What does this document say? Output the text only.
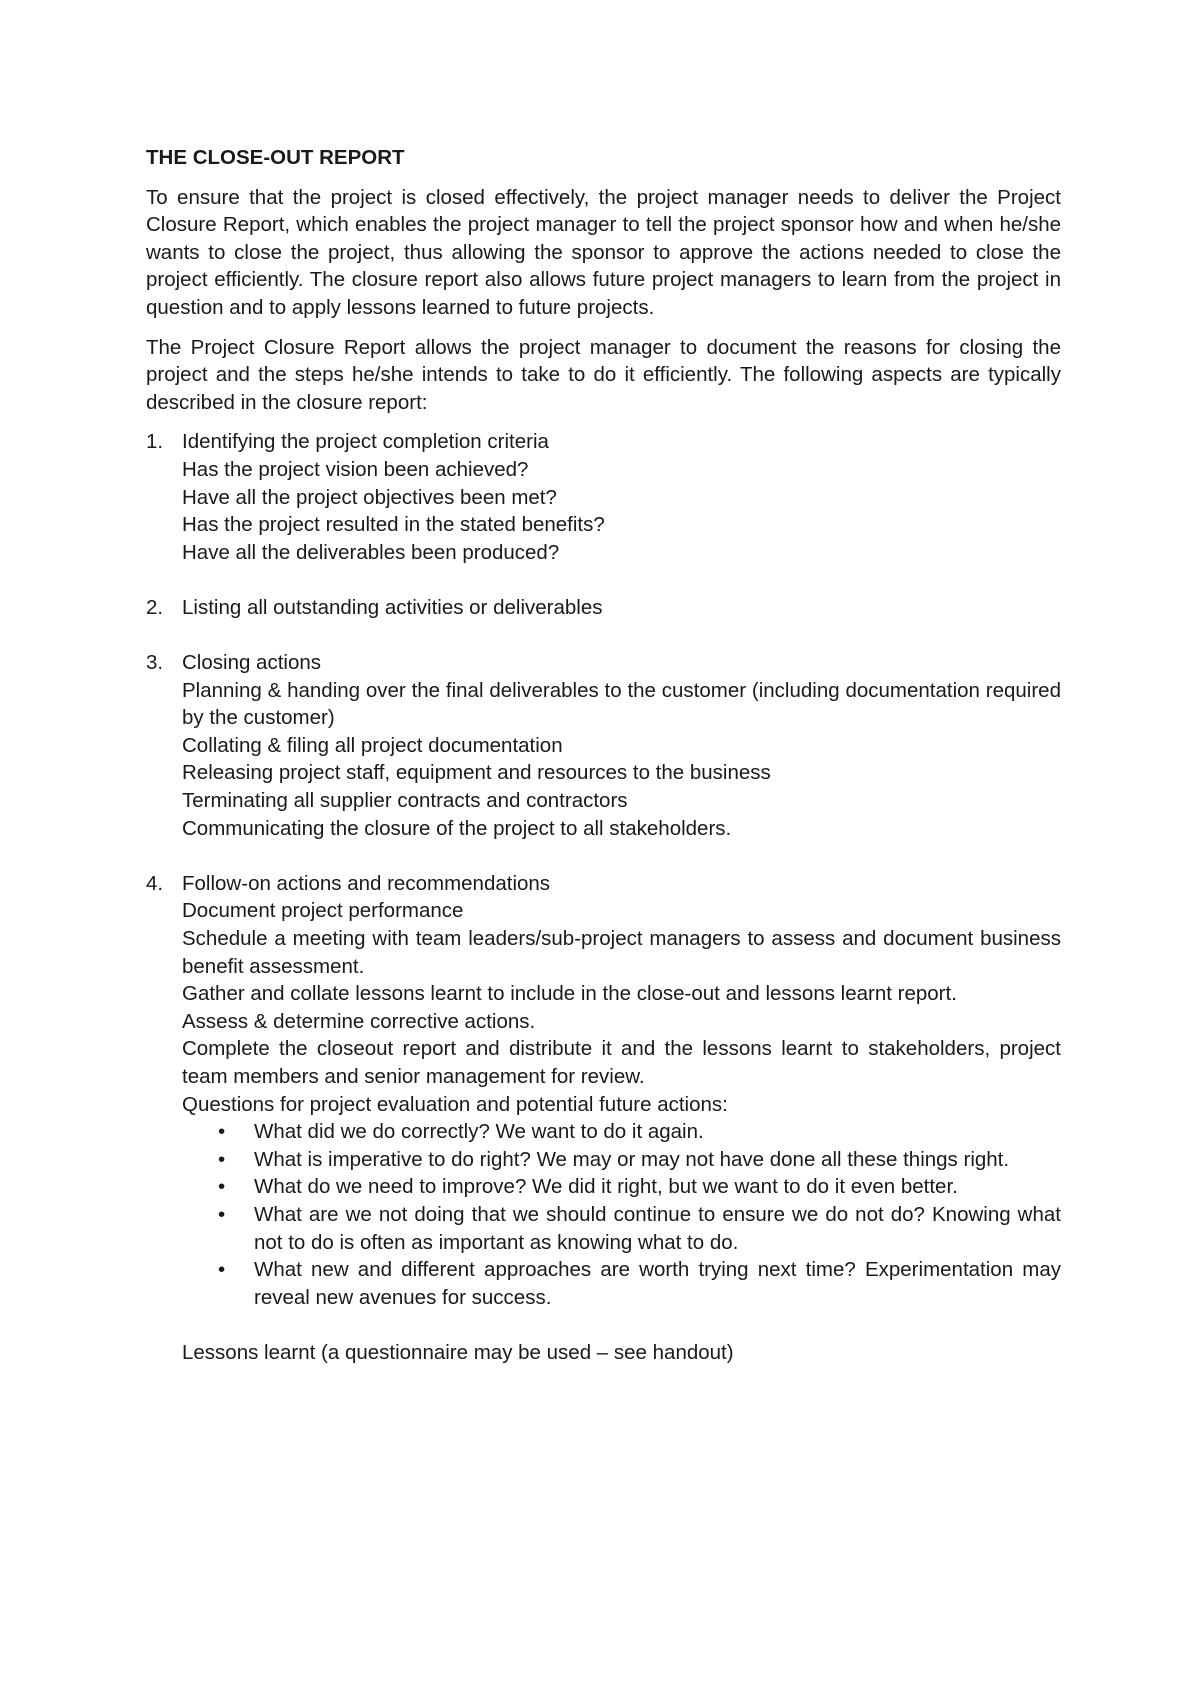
THE CLOSE-OUT REPORT
To ensure that the project is closed effectively, the project manager needs to deliver the Project Closure Report, which enables the project manager to tell the project sponsor how and when he/she wants to close the project, thus allowing the sponsor to approve the actions needed to close the project efficiently. The closure report also allows future project managers to learn from the project in question and to apply lessons learned to future projects.
The Project Closure Report allows the project manager to document the reasons for closing the project and the steps he/she intends to take to do it efficiently. The following aspects are typically described in the closure report:
1. Identifying the project completion criteria
Has the project vision been achieved?
Have all the project objectives been met?
Has the project resulted in the stated benefits?
Have all the deliverables been produced?
2. Listing all outstanding activities or deliverables
3. Closing actions
Planning & handing over the final deliverables to the customer (including documentation required by the customer)
Collating & filing all project documentation
Releasing project staff, equipment and resources to the business
Terminating all supplier contracts and contractors
Communicating the closure of the project to all stakeholders.
4. Follow-on actions and recommendations
Document project performance
Schedule a meeting with team leaders/sub-project managers to assess and document business benefit assessment.
Gather and collate lessons learnt to include in the close-out and lessons learnt report.
Assess & determine corrective actions.
Complete the closeout report and distribute it and the lessons learnt to stakeholders, project team members and senior management for review.
Questions for project evaluation and potential future actions:
• What did we do correctly? We want to do it again.
• What is imperative to do right? We may or may not have done all these things right.
• What do we need to improve? We did it right, but we want to do it even better.
• What are we not doing that we should continue to ensure we do not do? Knowing what not to do is often as important as knowing what to do.
• What new and different approaches are worth trying next time? Experimentation may reveal new avenues for success.
Lessons learnt (a questionnaire may be used – see handout)
